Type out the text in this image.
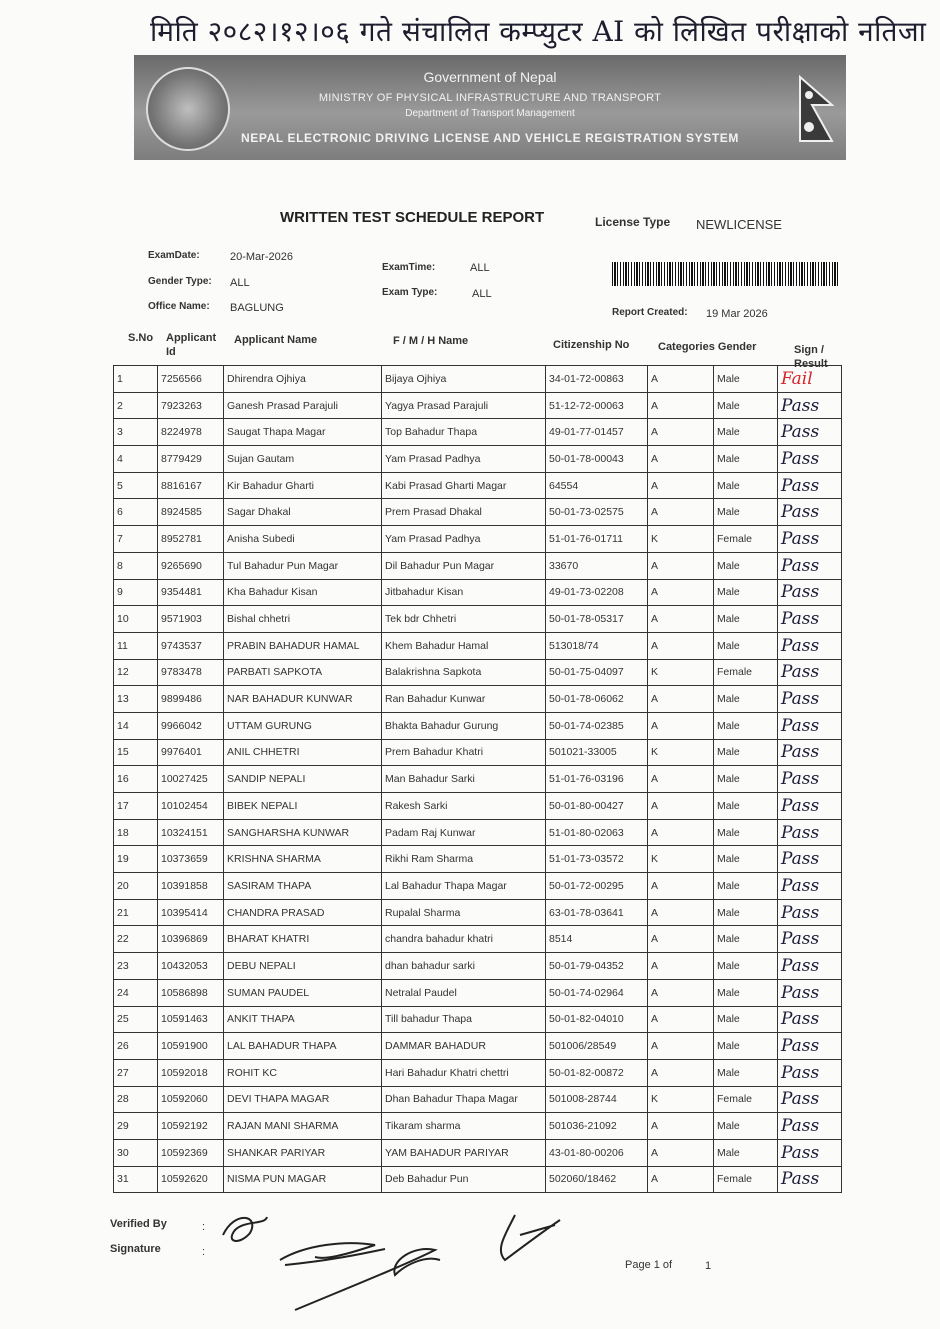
मिति २०८२।१२।०६ गते संचालित कम्प्युटर AI को लिखित परीक्षाको नतिजा
Government of Nepal
MINISTRY OF PHYSICAL INFRASTRUCTURE AND TRANSPORT
Department of Transport Management
NEPAL ELECTRONIC DRIVING LICENSE AND VEHICLE REGISTRATION SYSTEM
WRITTEN TEST SCHEDULE REPORT	License Type NEWLICENSE
ExamDate:	20-Mar-2026
Gender Type: ALL
Office Name: BAGLUNG
ExamTime:	ALL
Exam Type:	ALL
Report Created: 19 Mar 2026
S.No Applicant
Id
Applicant Name	F / M / H Name	Citizenship No	Categories Gender	Sign /
Result
1	7256566	Dhirendra Ojhiya	Bijaya Ojhiya	34-01-72-00863	A	Male	Fail
2	7923263	Ganesh Prasad Parajuli	Yagya Prasad Parajuli	51-12-72-00063	A	Male	Pass
3	8224978	Saugat Thapa Magar	Top Bahadur Thapa	49-01-77-01457	A	Male	Pass
4	8779429	Sujan Gautam	Yam Prasad Padhya	50-01-78-00043	A	Male	Pass
5	8816167	Kir Bahadur Gharti	Kabi Prasad Gharti Magar	64554	A	Male	Pass
6	8924585	Sagar Dhakal	Prem Prasad Dhakal	50-01-73-02575	A	Male	Pass
7	8952781	Anisha Subedi	Yam Prasad Padhya	51-01-76-01711	K	Female	Pass
8	9265690	Tul Bahadur Pun Magar	Dil Bahadur Pun Magar	33670	A	Male	Pass
9	9354481	Kha Bahadur Kisan	Jitbahadur Kisan	49-01-73-02208	A	Male	Pass
10	9571903	Bishal chhetri	Tek bdr Chhetri	50-01-78-05317	A	Male	Pass
11	9743537	PRABIN BAHADUR HAMAL	Khem Bahadur Hamal	513018/74	A	Male	Pass
12	9783478	PARBATI SAPKOTA	Balakrishna Sapkota	50-01-75-04097	K	Female	Pass
13	9899486	NAR BAHADUR KUNWAR	Ran Bahadur Kunwar	50-01-78-06062	A	Male	Pass
14	9966042	UTTAM GURUNG	Bhakta Bahadur Gurung	50-01-74-02385	A	Male	Pass
15	9976401	ANIL CHHETRI	Prem Bahadur Khatri	501021-33005	K	Male	Pass
16	10027425	SANDIP NEPALI	Man Bahadur Sarki	51-01-76-03196	A	Male	Pass
17	10102454	BIBEK NEPALI	Rakesh Sarki	50-01-80-00427	A	Male	Pass
18	10324151	SANGHARSHA KUNWAR	Padam Raj Kunwar	51-01-80-02063	A	Male	Pass
19	10373659	KRISHNA SHARMA	Rikhi Ram Sharma	51-01-73-03572	K	Male	Pass
20	10391858	SASIRAM THAPA	Lal Bahadur Thapa Magar	50-01-72-00295	A	Male	Pass
21	10395414	CHANDRA PRASAD	Rupalal Sharma	63-01-78-03641	A	Male	Pass
22	10396869	BHARAT KHATRI	chandra bahadur khatri	8514	A	Male	Pass
23	10432053	DEBU NEPALI	dhan bahadur sarki	50-01-79-04352	A	Male	Pass
24	10586898	SUMAN PAUDEL	Netralal Paudel	50-01-74-02964	A	Male	Pass
25	10591463	ANKIT THAPA	Till bahadur Thapa	50-01-82-04010	A	Male	Pass
26	10591900	LAL BAHADUR THAPA	DAMMAR BAHADUR	501006/28549	A	Male	Pass
27	10592018	ROHIT KC	Hari Bahadur Khatri chettri	50-01-82-00872	A	Male	Pass
28	10592060	DEVI THAPA MAGAR	Dhan Bahadur Thapa Magar	501008-28744	K	Female	Pass
29	10592192	RAJAN MANI SHARMA	Tikaram sharma	501036-21092	A	Male	Pass
30	10592369	SHANKAR PARIYAR	YAM BAHADUR PARIYAR	43-01-80-00206	A	Male	Pass
31	10592620	NISMA PUN MAGAR	Deb Bahadur Pun	502060/18462	A	Female	Pass
Verified By
Signature
:
:
Page 1 of	1
